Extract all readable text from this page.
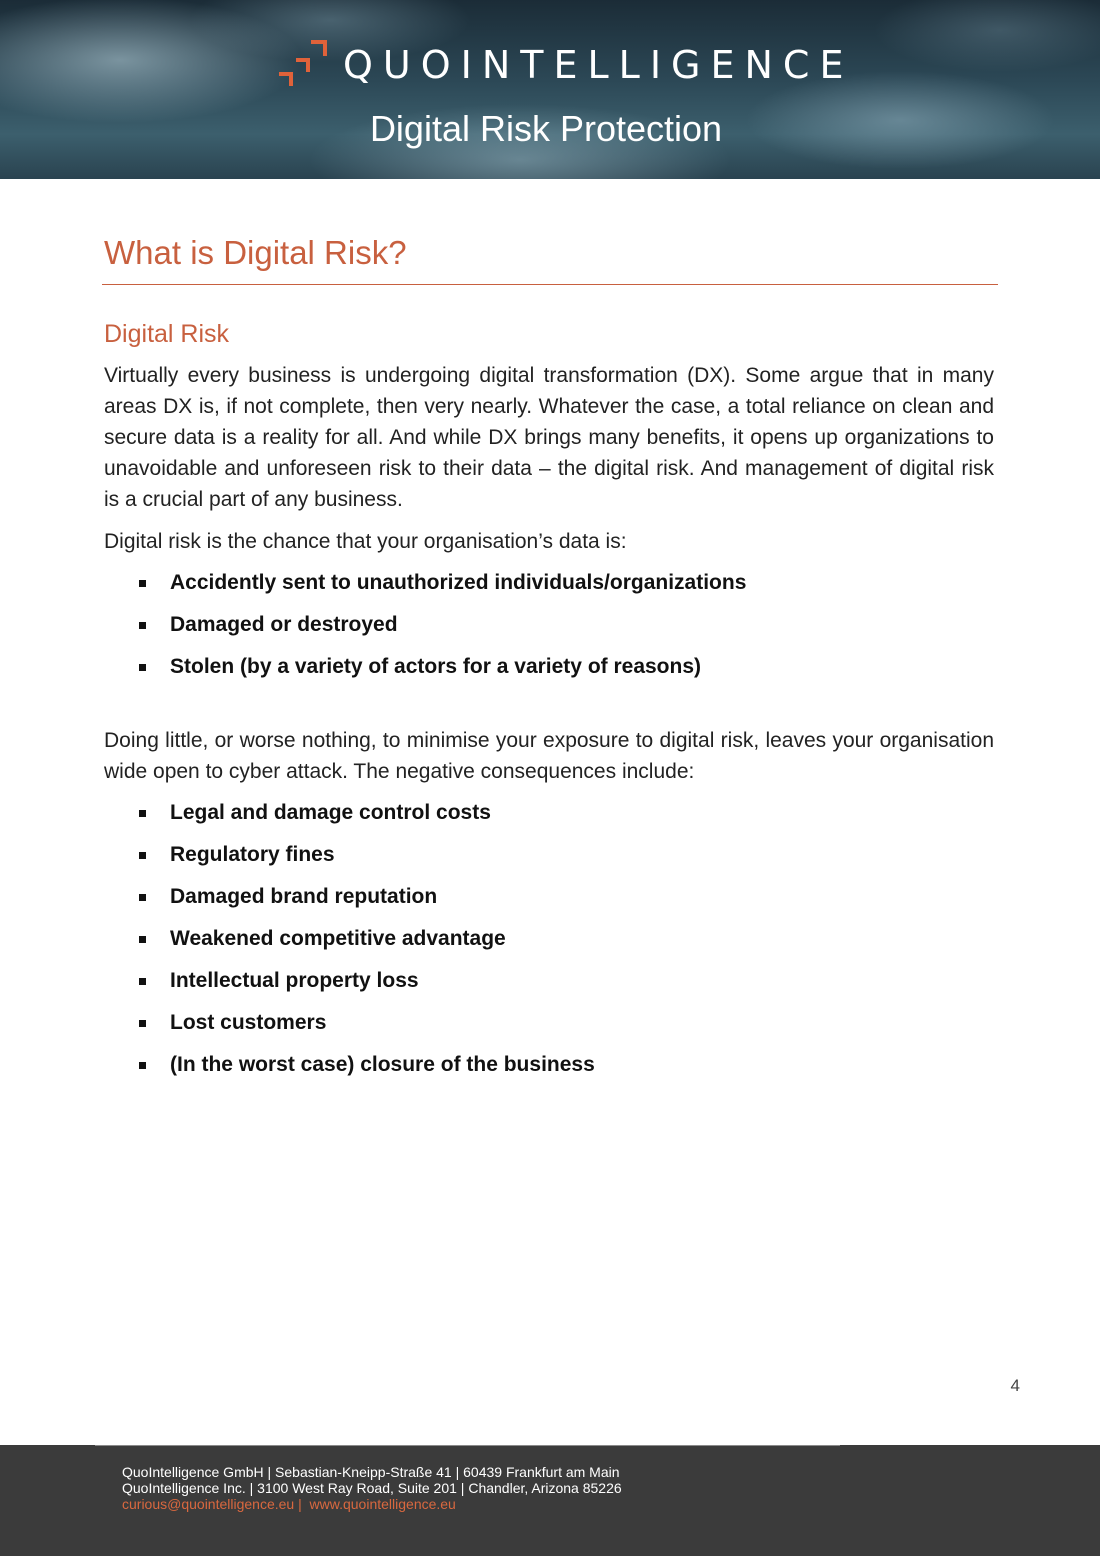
QUOINTELLIGENCE
Digital Risk Protection
What is Digital Risk?
Digital Risk

Virtually every business is undergoing digital transformation (DX). Some argue that in many areas DX is, if not complete, then very nearly. Whatever the case, a total reliance on clean and secure data is a reality for all. And while DX brings many benefits, it opens up organizations to unavoidable and unforeseen risk to their data – the digital risk. And management of digital risk is a crucial part of any business.

Digital risk is the chance that your organisation’s data is:

Accidently sent to unauthorized individuals/organizations
Damaged or destroyed
Stolen (by a variety of actors for a variety of reasons)

Doing little, or worse nothing, to minimise your exposure to digital risk, leaves your organisation wide open to cyber attack. The negative consequences include:

Legal and damage control costs
Regulatory fines
Damaged brand reputation
Weakened competitive advantage
Intellectual property loss
Lost customers
(In the worst case) closure of the business
4
QuoIntelligence GmbH | Sebastian-Kneipp-Straße 41 | 60439 Frankfurt am Main
QuoIntelligence Inc. | 3100 West Ray Road, Suite 201 | Chandler, Arizona 85226
curious@quointelligence.eu |  www.quointelligence.eu
